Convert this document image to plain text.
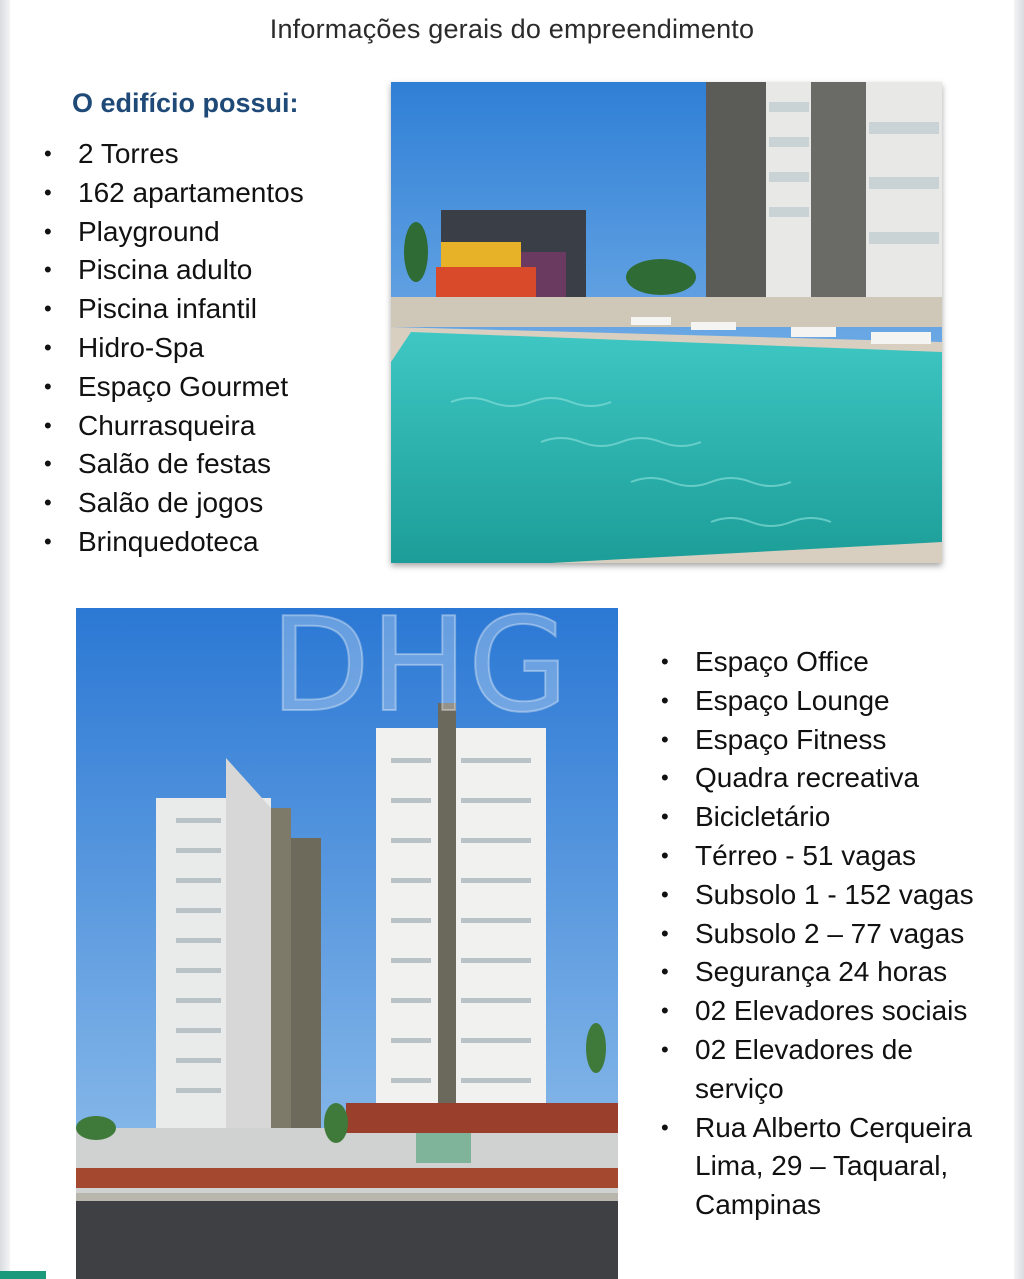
Informações gerais do empreendimento
O edifício possui:
• 2 Torres
• 162 apartamentos
• Playground
• Piscina adulto
• Piscina infantil
• Hidro-Spa
• Espaço Gourmet
• Churrasqueira
• Salão de festas
• Salão de jogos
• Brinquedoteca
DHG
•	Espaço Office
• Espaço Lounge
• Espaço Fitness
• Quadra recreativa
• Bicicletário
• Térreo - 51 vagas
• Subsolo 1 - 152 vagas
• Subsolo 2 – 77 vagas
• Segurança 24 horas
• 02 Elevadores sociais
• 02 Elevadores de serviço
• Rua Alberto Cerqueira Lima, 29 – Taquaral, Campinas
